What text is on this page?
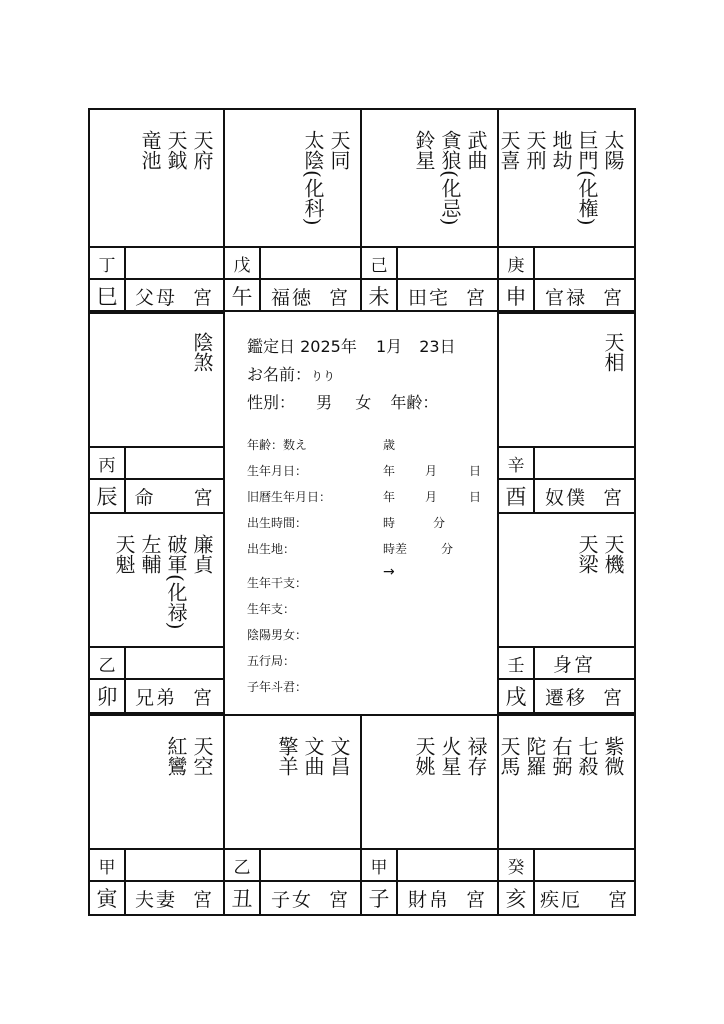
天府
天鉞
竜池
丁
巳 父母 宮
天同
太陰(化科)
戊
午 福徳 宮
武曲
貪狼(化忌)
鈴星
己
未 田宅 宮
太陽
巨門(化権)
地劫
天刑
天喜
庚
申 官禄 宮
陰煞
丙
辰 命 宮
天相
辛
酉 奴僕 宮
廉貞
破軍(化禄)
左輔
天魁
乙
卯 兄弟 宮
天機
天梁
壬	身宮
戌 遷移 宮
天空
紅鸞
甲
寅 夫妻 宮
文昌
文曲
擎羊
乙
丑 子女 宮
禄存
火星
天姚
甲
子 財帛 宮
紫微
七殺
右弼
陀羅
天馬
癸
亥 疾厄 宮
鑑定日 2025年 1月 23日
お名前：りり
性別： 男 女 年齢：
年齢：数え	歳
生年月日：	年 月	日
旧暦生年月日：	年 月	日
出生時間：	時	分
出生地：	時差	分
生年干支：
→
生年支：
陰陽男女：
五行局：
子年斗君：
